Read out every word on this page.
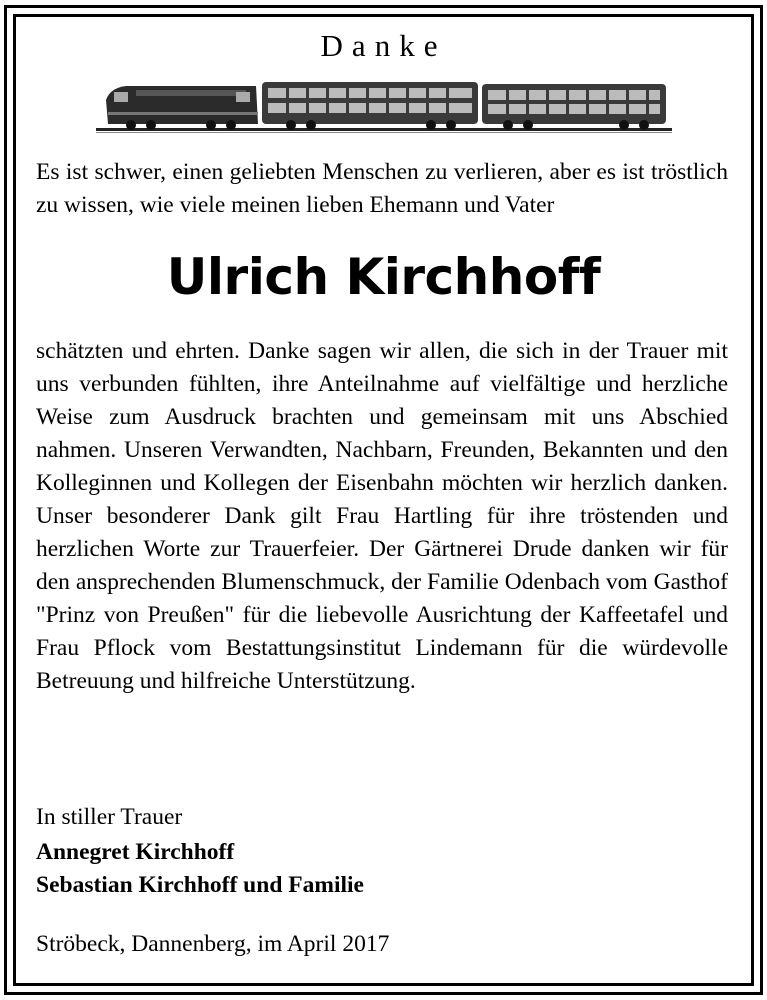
Danke
Es ist schwer, einen geliebten Menschen zu verlieren, aber es ist tröstlich zu wissen, wie viele meinen lieben Ehemann und Vater
Ulrich Kirchhoff
schätzten und ehrten. Danke sagen wir allen, die sich in der Trauer mit uns verbunden fühlten, ihre Anteilnahme auf vielfältige und herzliche Weise zum Ausdruck brachten und gemeinsam mit uns Abschied nahmen. Unseren Verwandten, Nachbarn, Freunden, Bekannten und den Kolleginnen und Kollegen der Eisenbahn möchten wir herzlich danken. Unser besonderer Dank gilt Frau Hartling für ihre tröstenden und herzlichen Worte zur Trauerfeier. Der Gärtnerei Drude danken wir für den ansprechenden Blumenschmuck, der Familie Odenbach vom Gasthof "Prinz von Preußen" für die liebevolle Ausrichtung der Kaffeetafel und Frau Pflock vom Bestattungsinstitut Lindemann für die würdevolle Betreuung und hilfreiche Unterstützung.
In stiller Trauer
Annegret Kirchhoff
Sebastian Kirchhoff und Familie
Ströbeck, Dannenberg, im April 2017
